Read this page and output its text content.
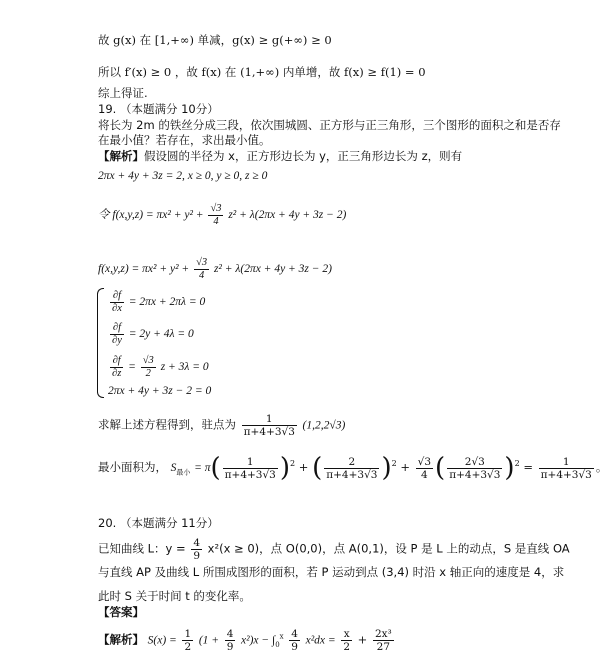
故 g(x) 在 [1,+∞) 单减，g(x) ≥ g(+∞) ≥ 0
所以 f′(x) ≥ 0 ，故 f(x) 在 (1,+∞) 内单增，故 f(x) ≥ f(1) = 0
综上得证.
19. （本题满分 10分）
将长为 2m 的铁丝分成三段，依次围城圆、正方形与正三角形，三个图形的面积之和是否存
在最小值？若存在，求出最小值。
【解析】假设圆的半径为 x，正方形边长为 y，正三角形边长为 z，则有
2πx + 4y + 3z = 2, x ≥ 0, y ≥ 0, z ≥ 0
令 $f(x,y,z) = \pi x^2 + y^2 + \frac{√3}{4} z^2 + \lambda(2\pi x + 4y + 3z - 2)$
$f(x,y,z) = \pi x^2 + y^2 + \frac{√3}{4} z^2 + \lambda(2\pi x + 4y + 3z - 2)$
$\frac{\partial f}{\partial x} = 2\pi x + 2\pi\lambda = 0$
$\frac{\partial f}{\partial y} = 2y + 4\lambda = 0$
$\frac{\partial f}{\partial z} = \frac{√3}{2}$ z + 3λ = 0
2πx + 4y + 3z − 2 = 0
求解上述方程得到，驻点为 $\frac{1}{\pi+4+3√3} (1,2,2√3)$
最小面积为， $S_{最小} = \pi( \frac{1}{\pi+4+3√3} )^2$ + ( $\frac{2}{\pi+4+3√3} )^2 + \frac{√3}{4}$ ( $\frac{2√3}{\pi+4+3√3} )^2 = \frac{1}{\pi+4+3√3}$ 。
20. （本题满分 11分）
已知曲线 L：$y = \frac{4}{9} x^2(x \ge 0)$，点 O(0,0)，点 A(0,1)，设 P 是 L 上的动点，S 是直线 OA
与直线 AP 及曲线 L 所围成图形的面积，若 P 运动到点 (3,4) 时沿 x 轴正向的速度是 4，求
此时 S 关于时间 t 的变化率。
【答案】
【解析】 $S(x) = \frac{1}{2} (1 + \frac{4}{9} x^2)x - \int_0^x \frac{4}{9} x^2dx = \frac{x}{2} + \frac{\text{2x³}}{27}$
